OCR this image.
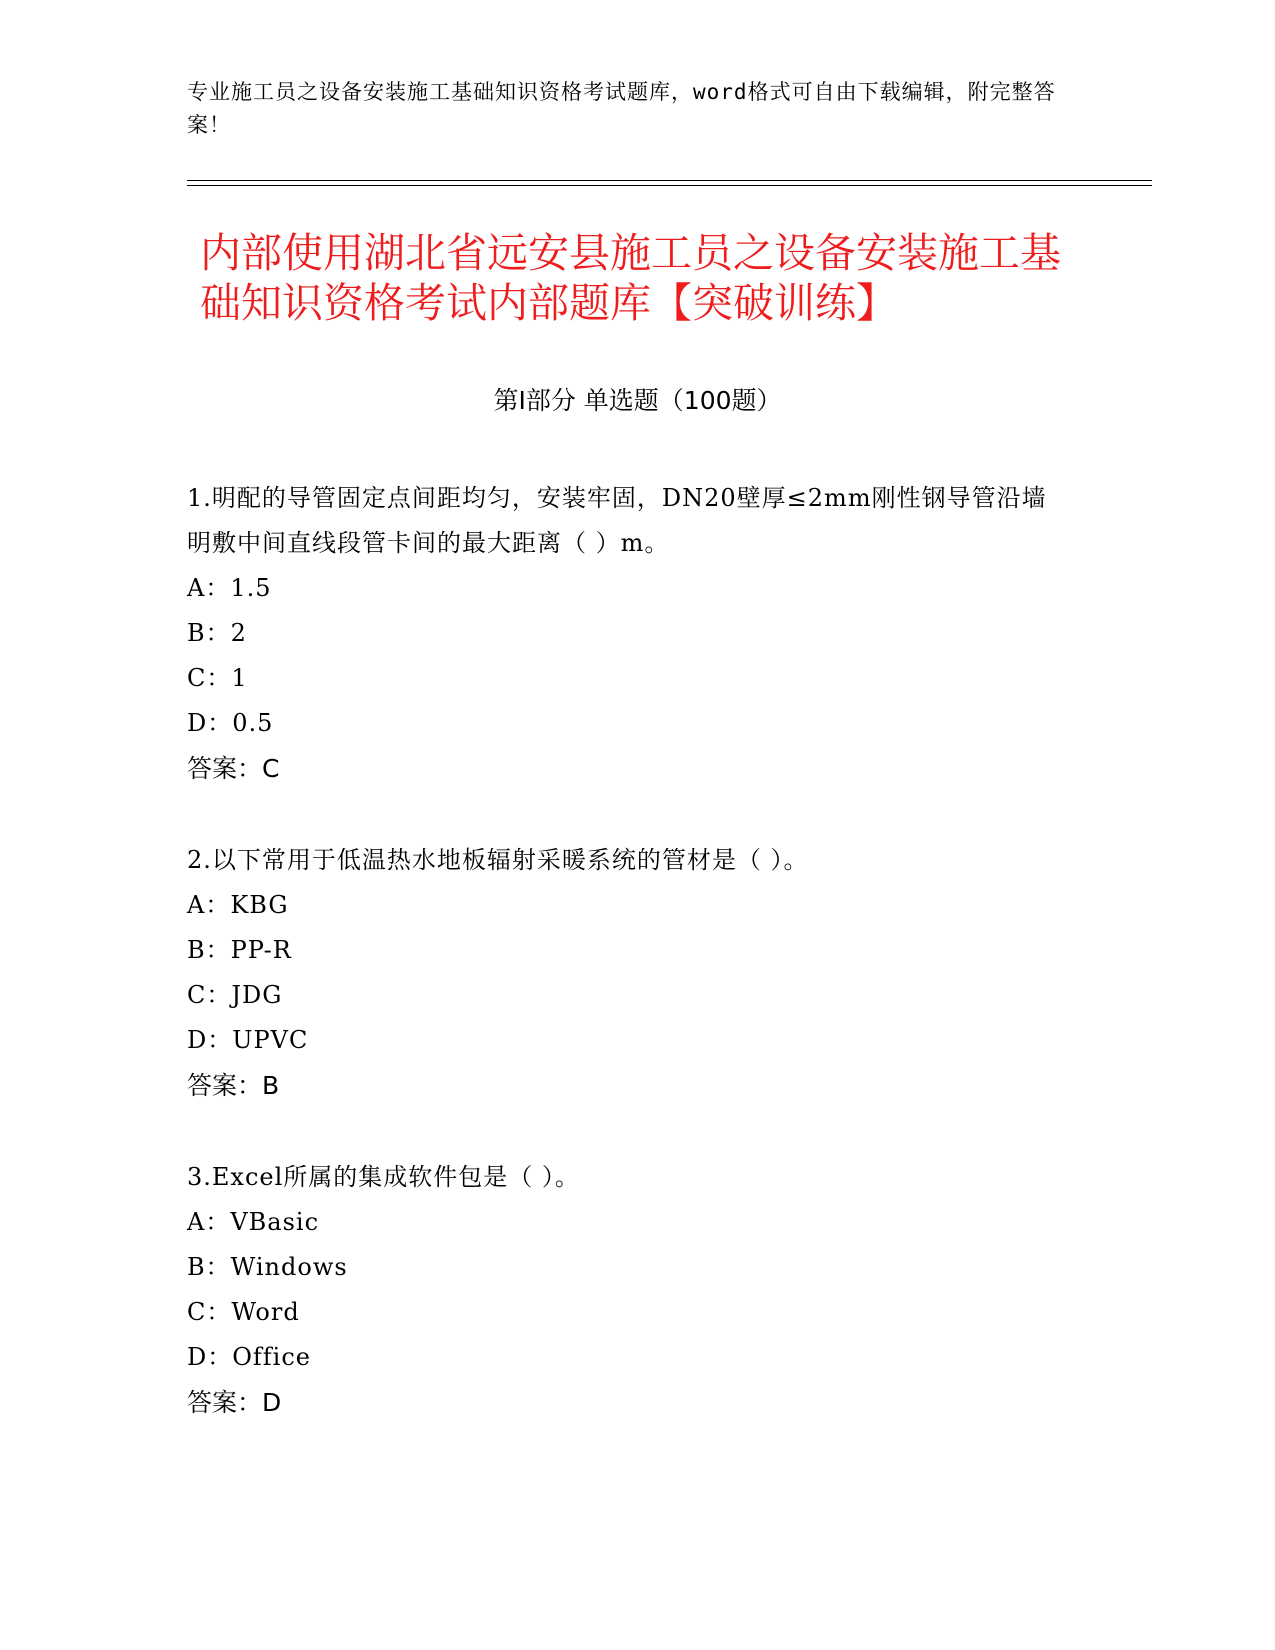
专业施工员之设备安装施工基础知识资格考试题库，word格式可自由下载编辑，附完整答案！
内部使用湖北省远安县施工员之设备安装施工基础知识资格考试内部题库【突破训练】
第Ⅰ部分 单选题（100题）
1.明配的导管固定点间距均匀，安装牢固，DN20壁厚≤2mm刚性钢导管沿墙明敷中间直线段管卡间的最大距离（ ）m。
A：1.5
B：2
C：1
D：0.5
答案：C
2.以下常用于低温热水地板辐射采暖系统的管材是（ ）。
A：KBG
B：PP-R
C：JDG
D：UPVC
答案：B
3.Excel所属的集成软件包是（ ）。
A：VBasic
B：Windows
C：Word
D：Office
答案：D
